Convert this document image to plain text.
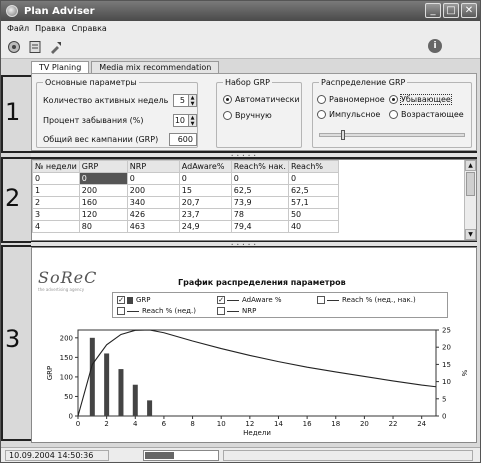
Plan Adviser	_	□ ✕
Файл Правка Справка
i
TV Planing	Media mix recommendation
1
2
3
Основные параметры
Количество активных недель	5	▲
▼
Процент забывания (%)	10	▲
▼
Общий вес кампании (GRP)	600
Набор GRP
Автоматически
Вручную
Распределение GRP
Равномерное Убывающее
Импульсное	Возрастающее
• • • • •
№ недели	GRP	NRP	AdAware%	Reach% нак.	Reach%
0	0	0	0	0	0
1	200	200	15	62,5	62,5
2	160	340	20,7	73,9	57,1
3	120	426	23,7	78	50
4	80	463	24,9	79,4	40
▲
▼
• • • • •
SoReC
the advertising agency
График распределения параметров
✓ GRP	✓	AdAware %	Reach % (нед., нак.)
Reach % (нед.)	NRP
0	2	4	6	8	10	12	14	16	18	20	22	24
0
50
100
150
200
0
5
10
15
20
25
Недели
GRP	%
10.09.2004 14:50:36
